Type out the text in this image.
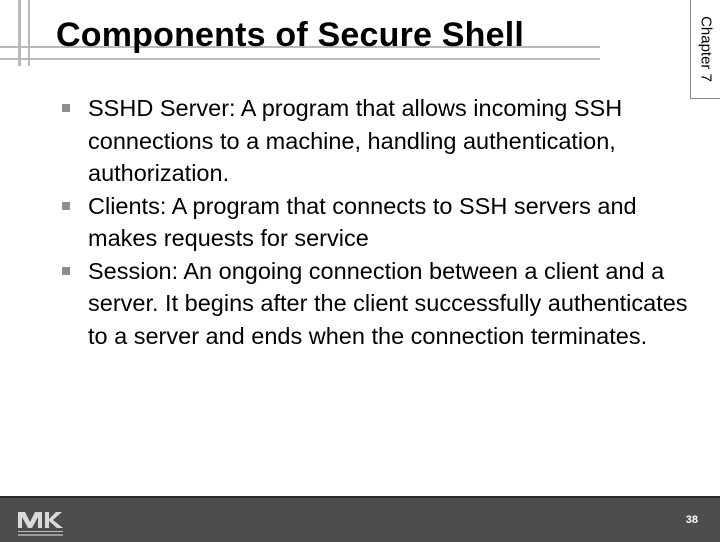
Components of Secure Shell	Chapter 7
SSHD Server: A program that allows incoming SSH connections to a machine, handling authentication, authorization.
Clients: A program that connects to SSH servers and makes requests for service
Session: An ongoing connection between a client and a server. It begins after the client successfully authenticates to a server and ends when the connection terminates.
38
